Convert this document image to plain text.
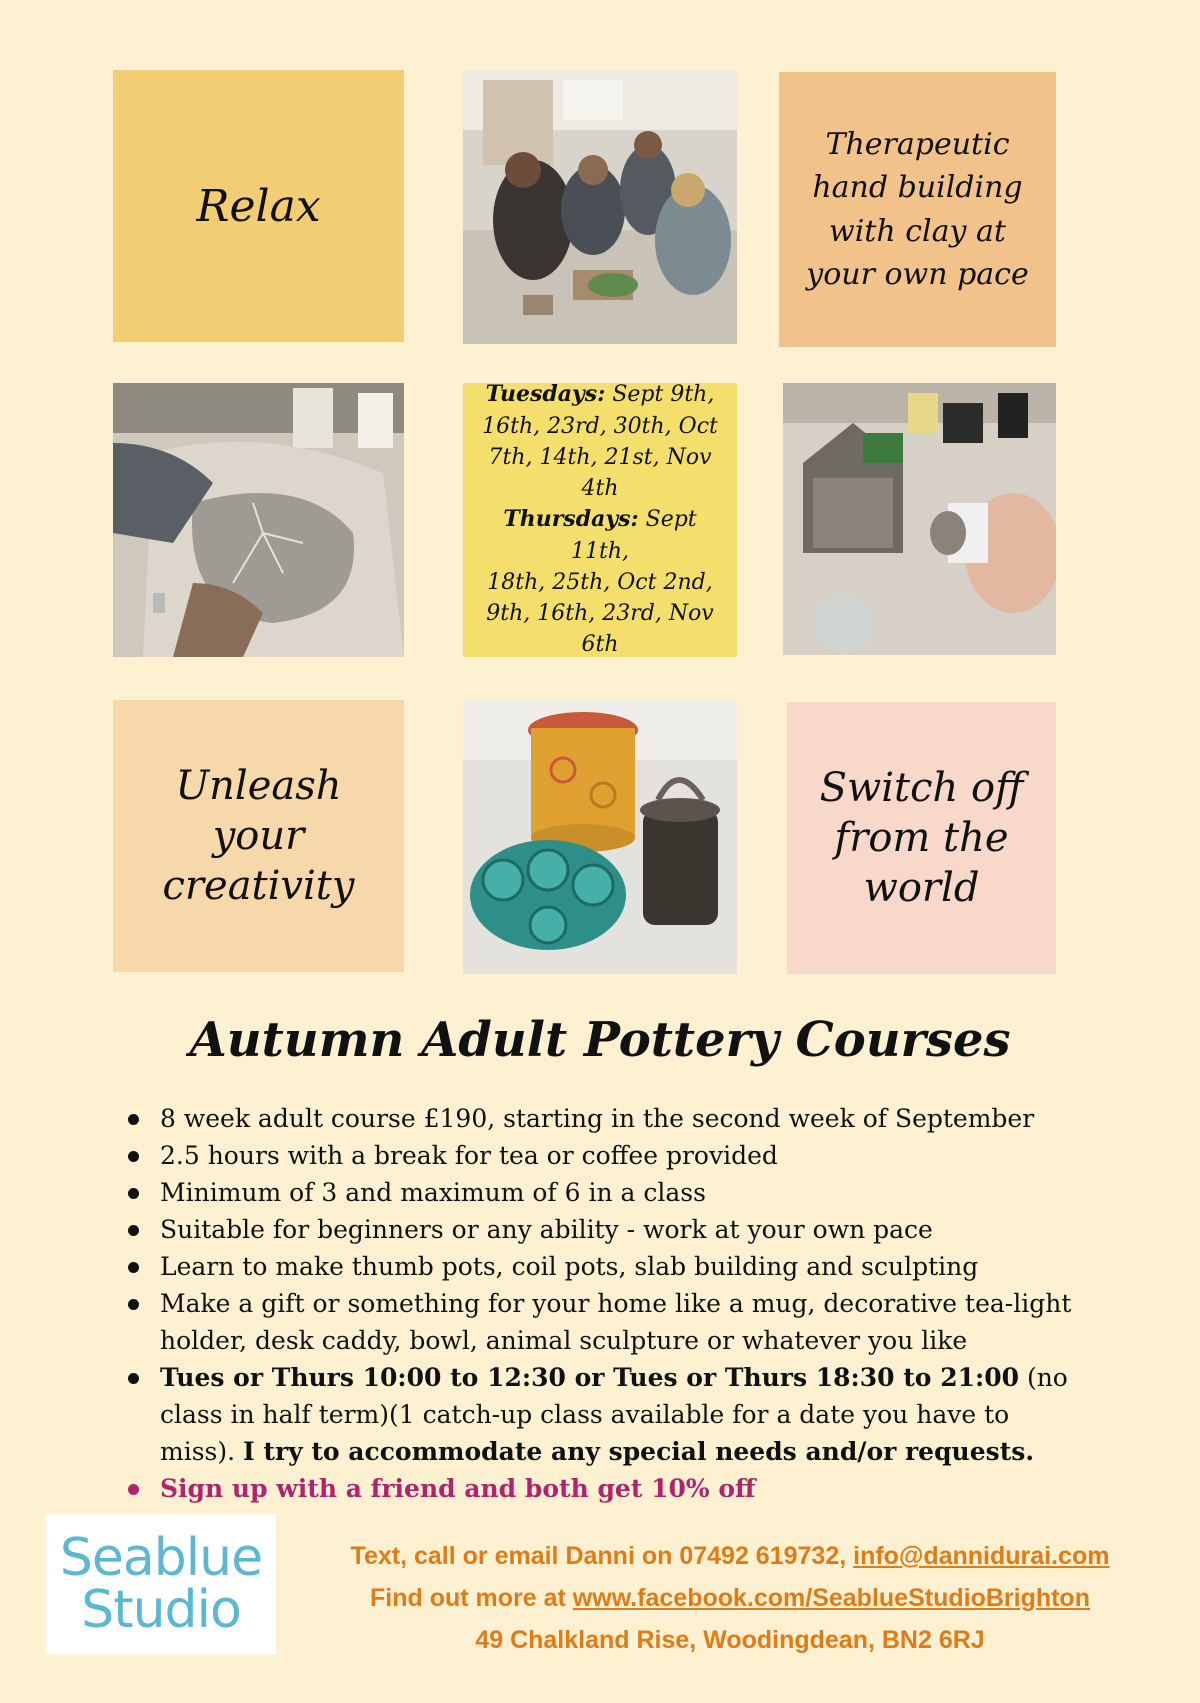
Relax
Therapeutic
hand building
with clay at
your own pace

Tuesdays: Sept 9th,

16th, 23rd, 30th, Oct

7th, 14th, 21st, Nov 4th

Thursdays: Sept 11th,

18th, 25th, Oct 2nd,

9th, 16th, 23rd, Nov 6th

Unleash
your
creativity
Switch off
from the
world
Autumn Adult Pottery Courses
8 week adult course £190, starting in the second week of September
2.5 hours with a break for tea or coffee provided
Minimum of 3 and maximum of 6 in a class
Suitable for beginners or any ability - work at your own pace
Learn to make thumb pots, coil pots, slab building and sculpting
Make a gift or something for your home like a mug, decorative tea-light holder, desk caddy, bowl, animal sculpture or whatever you like
Tues or Thurs 10:00 to 12:30 or Tues or Thurs 18:30 to 21:00 (no class in half term)(1 catch-up class available for a date you have to miss). I try to accommodate any special needs and/or requests.
Sign up with a friend and both get 10% off
Seablue
Studio
Text, call or email Danni on 07492 619732, info@dannidurai.com
Find out more at www.facebook.com/SeablueStudioBrighton
49 Chalkland Rise, Woodingdean, BN2 6RJ
